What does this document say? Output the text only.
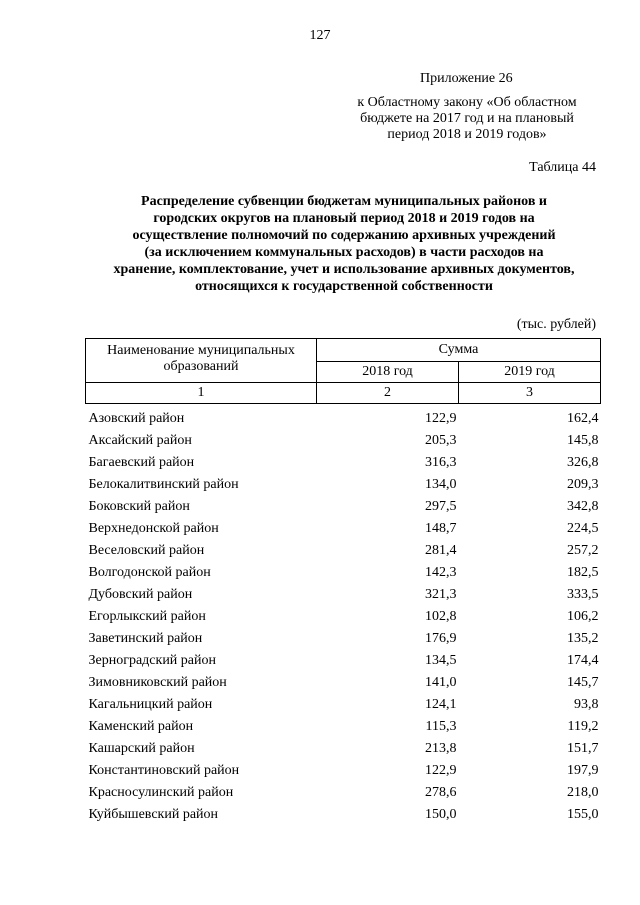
127
Приложение 26
к Областному закону «Об областном
бюджете на 2017 год и на плановый
период 2018 и 2019 годов»
Таблица 44
Распределение субвенции бюджетам муниципальных районов и
городских округов на плановый период 2018 и 2019 годов на
осуществление полномочий по содержанию архивных учреждений
(за исключением коммунальных расходов) в части расходов на
хранение, комплектование, учет и использование архивных документов,
относящихся к государственной собственности
(тыс. рублей)
Наименование муниципальных образований	Сумма	
	2018 год	2019 год
1	2	3
Азовский район	122,9	162,4
Аксайский район	205,3	145,8
Багаевский район	316,3	326,8
Белокалитвинский район	134,0	209,3
Боковский район	297,5	342,8
Верхнедонской район	148,7	224,5
Веселовский район	281,4	257,2
Волгодонской район	142,3	182,5
Дубовский район	321,3	333,5
Егорлыкский район	102,8	106,2
Заветинский район	176,9	135,2
Зерноградский район	134,5	174,4
Зимовниковский район	141,0	145,7
Кагальницкий район	124,1	93,8
Каменский район	115,3	119,2
Кашарский район	213,8	151,7
Константиновский район	122,9	197,9
Красносулинский район	278,6	218,0
Куйбышевский район	150,0	155,0
